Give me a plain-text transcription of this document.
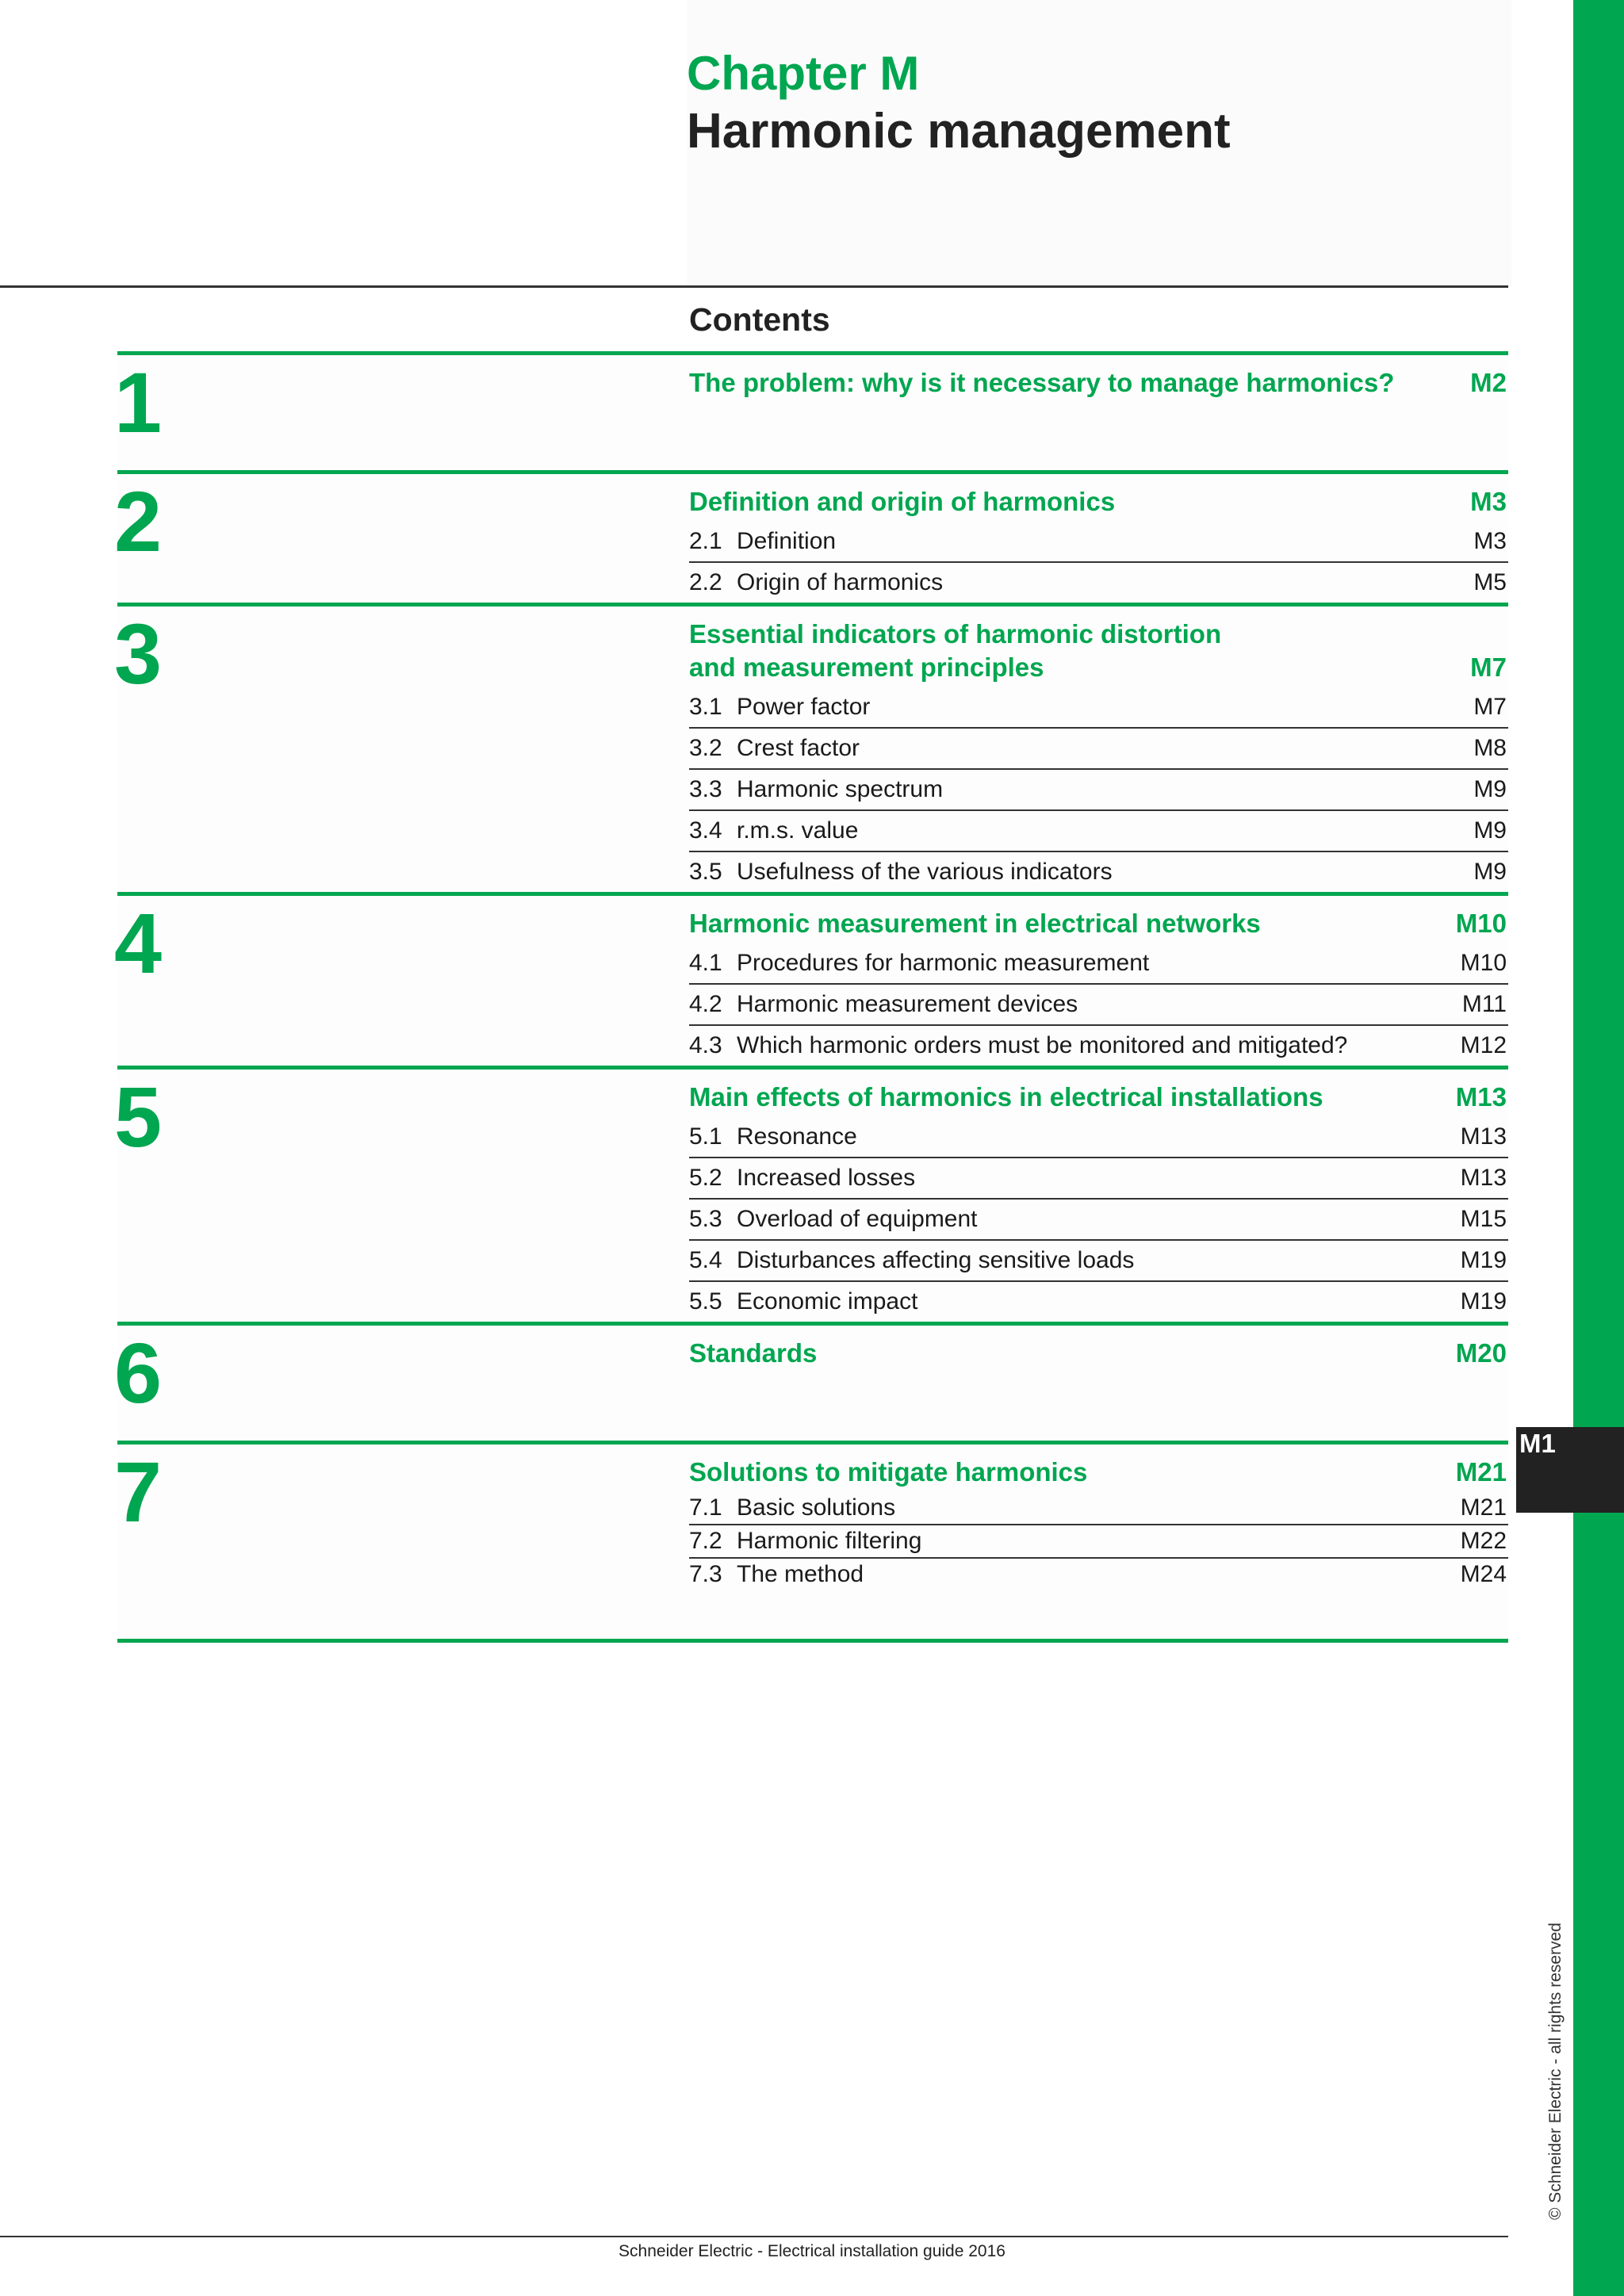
M1
© Schneider Electric - all rights reserved
Chapter M
Harmonic management
Contents
1	The problem: why is it necessary to manage harmonics?	M2
2	Definition and origin of harmonics	M3
2.1 Definition	M3
2.2 Origin of harmonics	M5
3	Essential indicators of harmonic distortion
and measurement principles	M7
3.1 Power factor	M7
3.2 Crest factor	M8
3.3 Harmonic spectrum	M9
3.4 r.m.s. value	M9
3.5 Usefulness of the various indicators	M9
4	Harmonic measurement in electrical networks	M10
4.1 Procedures for harmonic measurement	M10
4.2 Harmonic measurement devices	M11
4.3 Which harmonic orders must be monitored and mitigated?	M12
5	Main effects of harmonics in electrical installations	M13
5.1 Resonance	M13
5.2 Increased losses	M13
5.3 Overload of equipment	M15
5.4 Disturbances affecting sensitive loads	M19
5.5 Economic impact	M19
6	Standards	M20
7	Solutions to mitigate harmonics	M21
7.1 Basic solutions	M21
7.2 Harmonic filtering	M22
7.3 The method	M24
Schneider Electric - Electrical installation guide 2016
